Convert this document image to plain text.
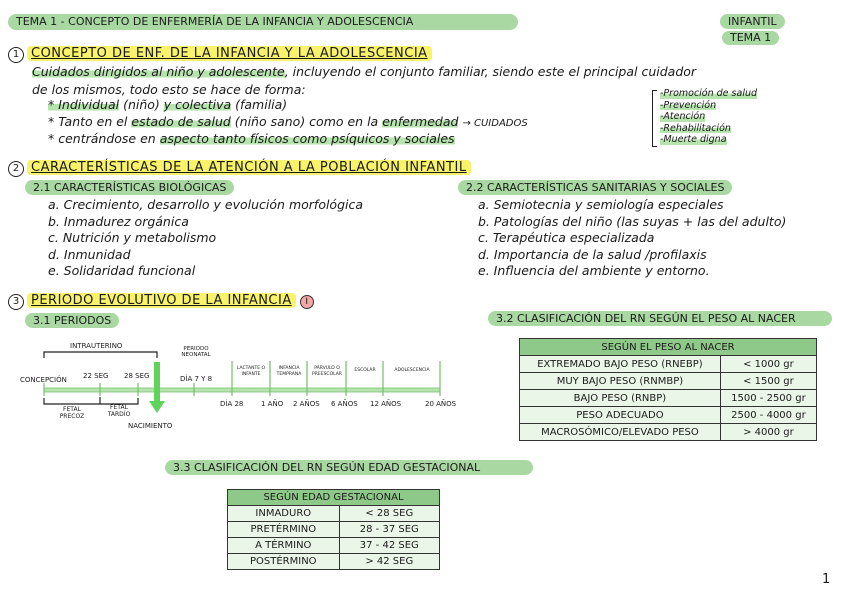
TEMA 1 - CONCEPTO DE ENFERMERÍA DE LA INFANCIA Y ADOLESCENCIA	INFANTIL
TEMA 1
1 CONCEPTO DE ENF. DE LA INFANCIA Y LA ADOLESCENCIA
Cuidados dirigidos al niño y adolescente, incluyendo el conjunto familiar, siendo este el principal cuidador
de los mismos, todo esto se hace de forma:
* Individual (niño) y colectiva (familia)
* Tanto en el estado de salud (niño sano) como en la enfermedad → CUIDADOS
* centrándose en aspecto tanto físicos como psíquicos y sociales
-Promoción de salud
-Prevención
-Atención
-Rehabilitación
-Muerte digna
2 CARACTERÍSTICAS DE LA ATENCIÓN A LA POBLACIÓN INFANTIL
2.1 CARACTERÍSTICAS BIOLÓGICAS
a. Crecimiento, desarrollo y evolución morfológica
b. Inmadurez orgánica
c. Nutrición y metabolismo
d. Inmunidad
e. Solidaridad funcional
2.2 CARACTERÍSTICAS SANITARIAS Y SOCIALES
a. Semiotecnia y semiología especiales
b. Patologías del niño (las suyas + las del adulto)
c. Terapéutica especializada
d. Importancia de la salud /profilaxis
e. Influencia del ambiente y entorno.
3 PERIODO EVOLUTIVO DE LA INFANCIA I
3.1 PERIODOS	3.2 CLASIFICACIÓN DEL RN SEGÚN EL PESO AL NACER
INTRAUTERINO
CONCEPCIÓN 22 SEG 28 SEG
PERIODO NEONATAL
DÍA 7 Y 8
FETAL PRECOZ
FETAL TARDÍO
NACIMIENTO
DÍA 28	1 AÑO 2 AÑOS 6 AÑOS 12 AÑOS	20 AÑOS
LACTANTE O INFANTE
INFANCIA TEMPRANA
PÁRVULO O PREESCOLAR
ESCOLAR	ADOLESCENCIA
SEGÚN EL PESO AL NACER	
EXTREMADO BAJO PESO (RNEBP)	< 1000 gr
MUY BAJO PESO (RNMBP)	< 1500 gr
BAJO PESO (RNBP)	1500 - 2500 gr
PESO ADECUADO	2500 - 4000 gr
MACROSÓMICO/ELEVADO PESO	> 4000 gr
3.3 CLASIFICACIÓN DEL RN SEGÚN EDAD GESTACIONAL
SEGÚN EDAD GESTACIONAL	
INMADURO	< 28 SEG
PRETÉRMINO	28 - 37 SEG
A TÉRMINO	37 - 42 SEG
POSTÉRMINO	> 42 SEG
1
